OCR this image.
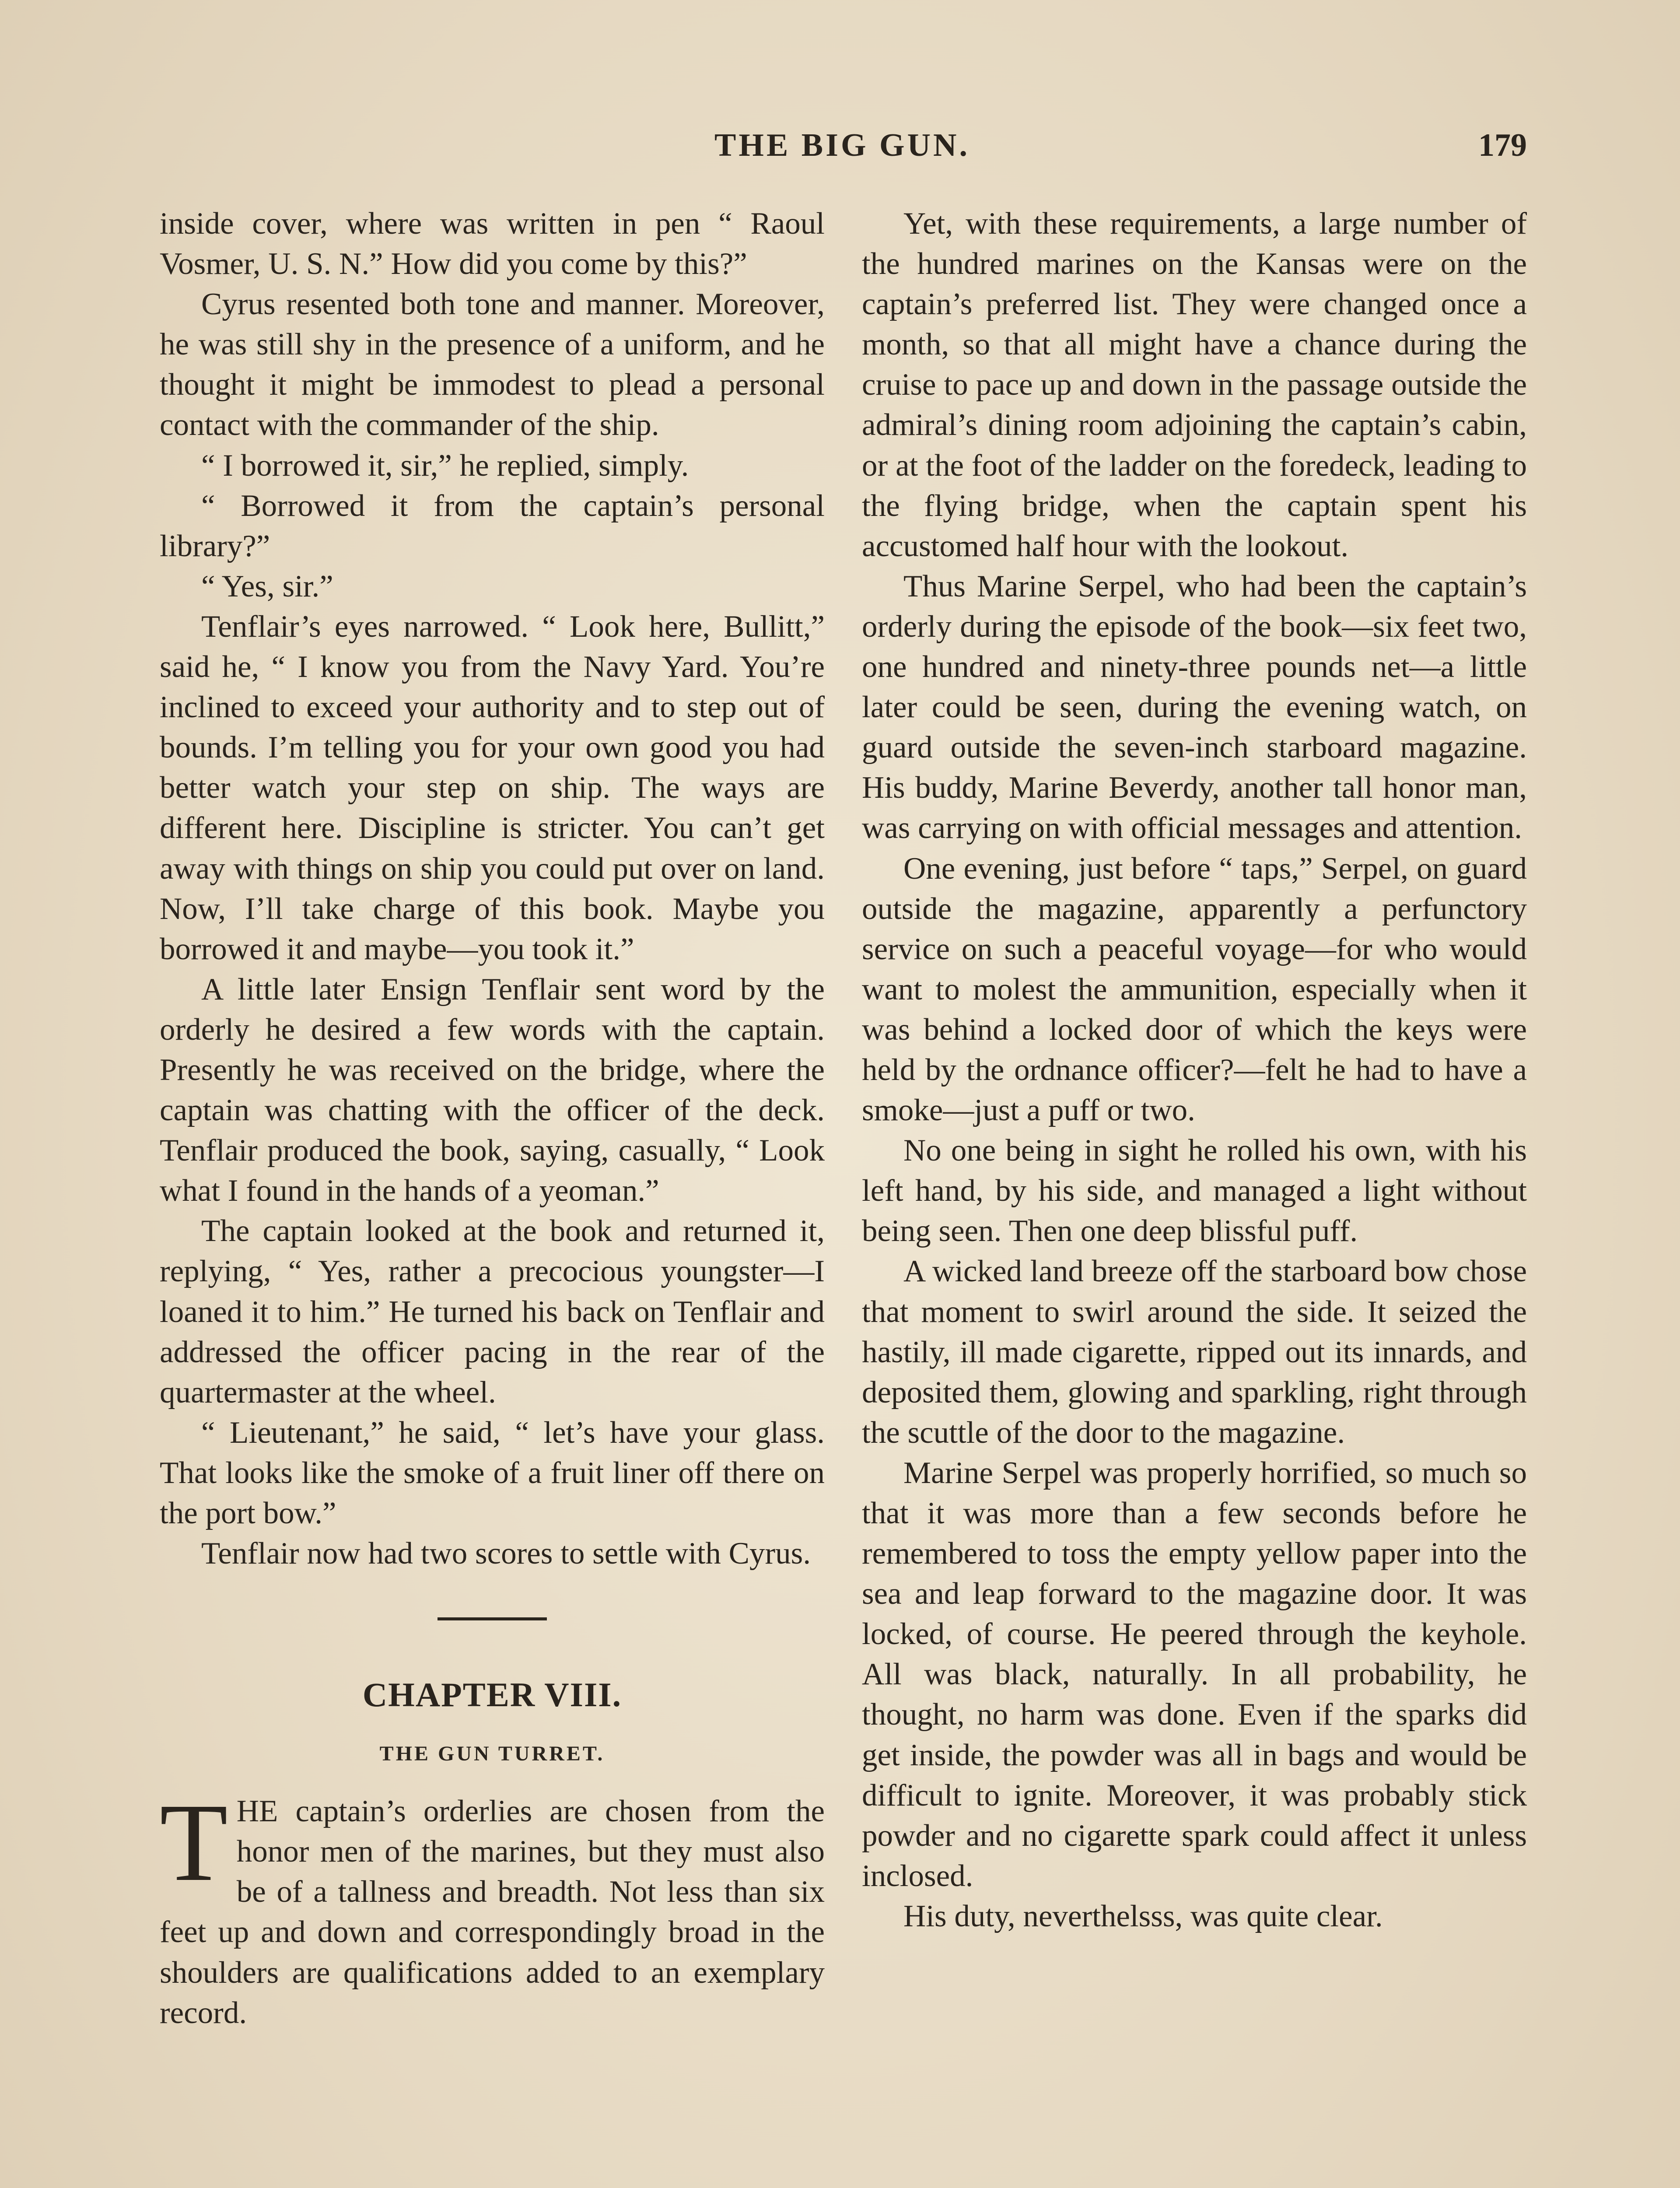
THE BIG GUN.	179

inside cover, where was written in pen “ Raoul Vosmer, U. S. N.” How did you come by this?”

Cyrus resented both tone and manner. Moreover, he was still shy in the presence of a uniform, and he thought it might be immodest to plead a personal contact with the commander of the ship.

“ I borrowed it, sir,” he replied, simply.

“ Borrowed it from the captain’s personal library?”

“ Yes, sir.”

Tenflair’s eyes narrowed. “ Look here, Bullitt,” said he, “ I know you from the Navy Yard. You’re inclined to exceed your authority and to step out of bounds. I’m telling you for your own good you had better watch your step on ship. The ways are different here. Discipline is stricter. You can’t get away with things on ship you could put over on land. Now, I’ll take charge of this book. Maybe you borrowed it and maybe—you took it.”

A little later Ensign Tenflair sent word by the orderly he desired a few words with the captain. Presently he was received on the bridge, where the captain was chatting with the officer of the deck. Tenflair produced the book, saying, casually, “ Look what I found in the hands of a yeoman.”

The captain looked at the book and returned it, replying, “ Yes, rather a precocious youngster—I loaned it to him.” He turned his back on Tenflair and addressed the officer pacing in the rear of the quartermaster at the wheel.

“ Lieutenant,” he said, “ let’s have your glass. That looks like the smoke of a fruit liner off there on the port bow.”

Tenflair now had two scores to settle with Cyrus.

CHAPTER VIII.
THE GUN TURRET.

THE captain’s orderlies are chosen from the honor men of the marines, but they must also be of a tallness and breadth. Not less than six feet up and down and correspondingly broad in the shoulders are qualifications added to an exemplary record.

Yet, with these requirements, a large number of the hundred marines on the Kansas were on the captain’s preferred list. They were changed once a month, so that all might have a chance during the cruise to pace up and down in the passage outside the admiral’s dining room adjoining the captain’s cabin, or at the foot of the ladder on the foredeck, leading to the flying bridge, when the captain spent his accustomed half hour with the lookout.

Thus Marine Serpel, who had been the captain’s orderly during the episode of the book—six feet two, one hundred and ninety-three pounds net—a little later could be seen, during the evening watch, on guard outside the seven-inch starboard magazine. His buddy, Marine Beverdy, another tall honor man, was carrying on with official messages and attention.

One evening, just before “ taps,” Serpel, on guard outside the magazine, apparently a perfunctory service on such a peaceful voyage—for who would want to molest the ammunition, especially when it was behind a locked door of which the keys were held by the ordnance officer?—felt he had to have a smoke—just a puff or two.

No one being in sight he rolled his own, with his left hand, by his side, and managed a light without being seen. Then one deep blissful puff.

A wicked land breeze off the starboard bow chose that moment to swirl around the side. It seized the hastily, ill made cigarette, ripped out its innards, and deposited them, glowing and sparkling, right through the scuttle of the door to the magazine.

Marine Serpel was properly horrified, so much so that it was more than a few seconds before he remembered to toss the empty yellow paper into the sea and leap forward to the magazine door. It was locked, of course. He peered through the keyhole. All was black, naturally. In all probability, he thought, no harm was done. Even if the sparks did get inside, the powder was all in bags and would be difficult to ignite. Moreover, it was probably stick powder and no cigarette spark could affect it unless inclosed.

His duty, neverthelsss, was quite clear.
